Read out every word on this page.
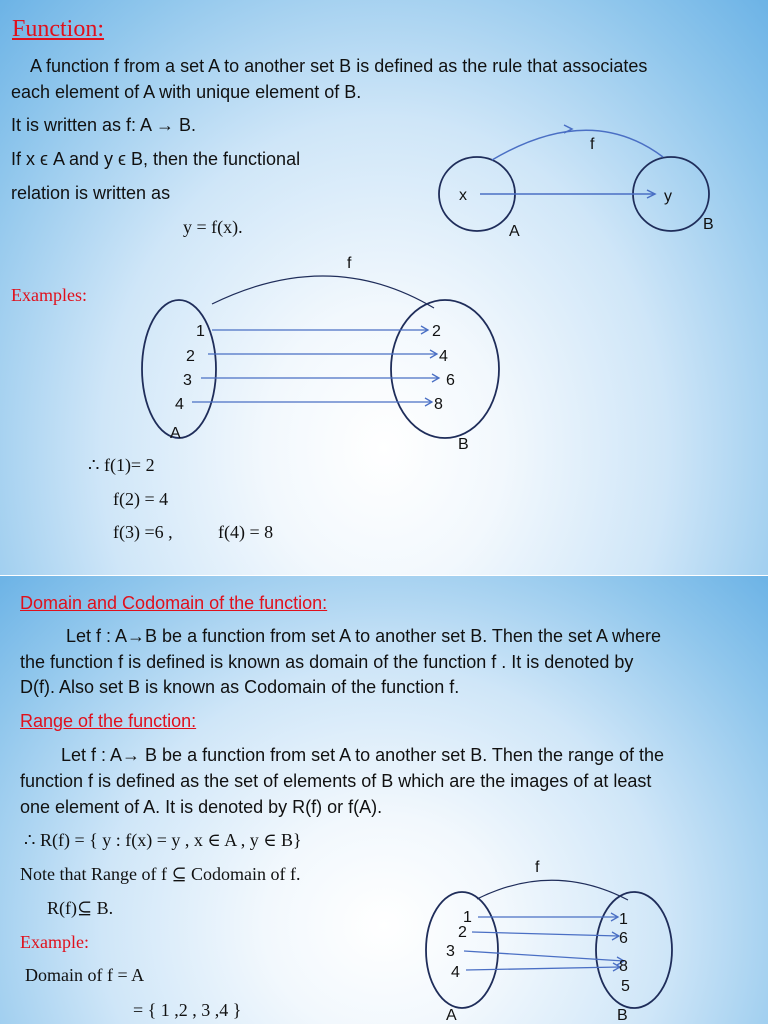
Function:
A function f from a set A to another set B is defined as the rule that associates
each element of A with unique element of B.
It is written as f: A → B.
If x ϵ A and y ϵ B, then the functional
relation is written as
y = f(x).
f
x	y
A	B
Examples:
f
1
2
3
4
2
4
6
8
A
B
∴ f(1)= 2
f(2) = 4
f(3) =6 ,	f(4) = 8
Domain and Codomain of the function:
Let f : A→B be a function from set A to another set B. Then the set A where
the function f is defined is known as domain of the function f . It is denoted by
D(f). Also set B is known as Codomain of the function f.
Range of the function:
Let f : A→ B be a function from set A to another set B. Then the range of the
function f is defined as the set of elements of B which are the images of at least
one element of A. It is denoted by R(f) or f(A).
∴ R(f) = { y : f(x) = y , x ∈ A , y ∈ B}
Note that Range of f ⊆ Codomain of f.
R(f)⊆ B.
Example:
Domain of f = A
= { 1 ,2 , 3 ,4 }
f
1
2
3
4
1
6
8
5
A	B
